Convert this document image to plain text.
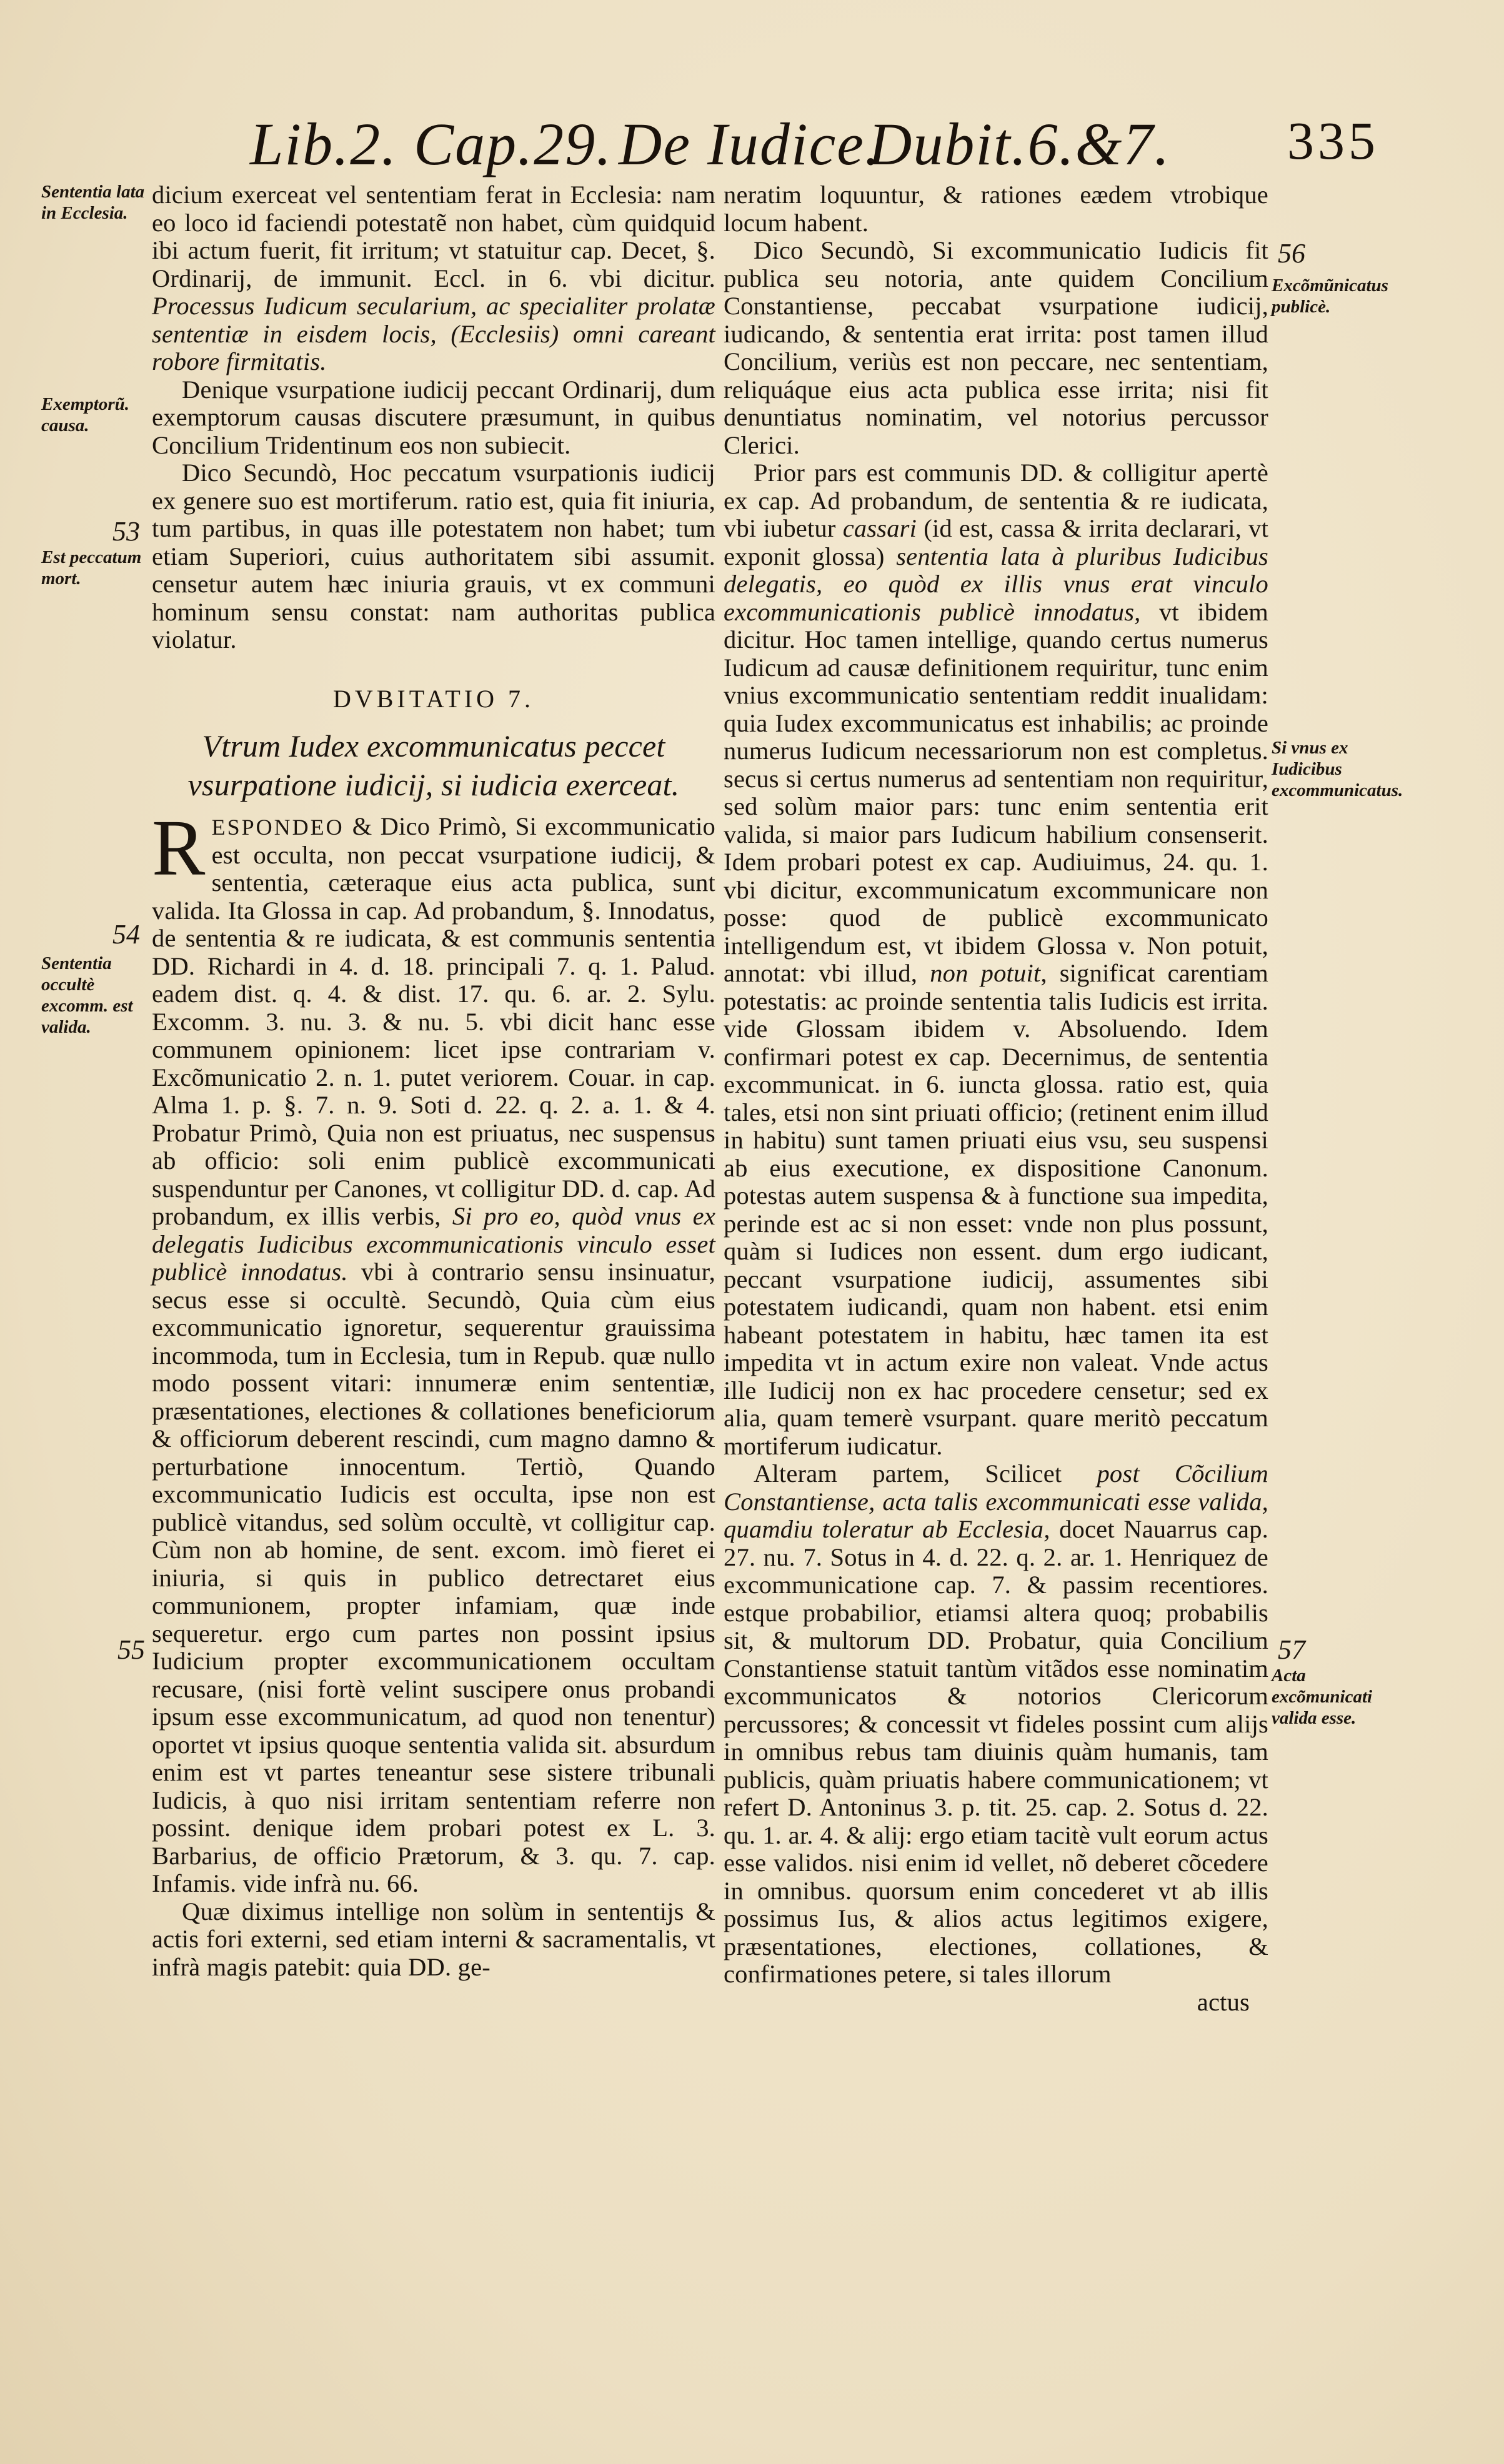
Lib.2. Cap.29. De Iudice.
Dubit.6.&7. 335
Sententia lata in Ecclesia.
Exemptorũ. causa.
53
Est peccatum mort.
54
Sententia occultè excomm. est valida.
55
56
Excõmũnicatus publicè.
Si vnus ex Iudicibus excommunicatus.
57
Acta excõmunicati valida esse.

dicium exerceat vel sententiam ferat in Ecclesia: nam eo loco id faciendi potestatẽ non habet, cùm quidquid ibi actum fuerit, fit irritum; vt statuitur cap. Decet, §. Ordinarij, de immunit. Eccl. in 6. vbi dicitur. Processus Iudicum secularium, ac specialiter prolatæ sententiæ in eisdem locis, (Ecclesiis) omni careant robore firmitatis.

Denique vsurpatione iudicij peccant Ordinarij, dum exemptorum causas discutere præsumunt, in quibus Concilium Tridentinum eos non subiecit.

Dico Secundò, Hoc peccatum vsurpationis iudicij ex genere suo est mortiferum. ratio est, quia fit iniuria, tum partibus, in quas ille potestatem non habet; tum etiam Superiori, cuius authoritatem sibi assumit. censetur autem hæc iniuria grauis, vt ex communi hominum sensu constat: nam authoritas publica violatur.

DVBITATIO 7.

Vtrum Iudex excommunicatus peccet vsurpatione iudicij, si iudicia exerceat.

RESPONDEO & Dico Primò, Si excommunicatio est occulta, non peccat vsurpatione iudicij, & sententia, cæteraque eius acta publica, sunt valida. Ita Glossa in cap. Ad probandum, §. Innodatus, de sententia & re iudicata, & est communis sententia DD. Richardi in 4. d. 18. principali 7. q. 1. Palud. eadem dist. q. 4. & dist. 17. qu. 6. ar. 2. Sylu. Excomm. 3. nu. 3. & nu. 5. vbi dicit hanc esse communem opinionem: licet ipse contrariam v. Excõmunicatio 2. n. 1. putet veriorem. Couar. in cap. Alma 1. p. §. 7. n. 9. Soti d. 22. q. 2. a. 1. & 4. Probatur Primò, Quia non est priuatus, nec suspensus ab officio: soli enim publicè excommunicati suspenduntur per Canones, vt colligitur DD. d. cap. Ad probandum, ex illis verbis, Si pro eo, quòd vnus ex delegatis Iudicibus excommunicationis vinculo esset publicè innodatus. vbi à contrario sensu insinuatur, secus esse si occultè. Secundò, Quia cùm eius excommunicatio ignoretur, sequerentur grauissima incommoda, tum in Ecclesia, tum in Repub. quæ nullo modo possent vitari: innumeræ enim sententiæ, præsentationes, electiones & collationes beneficiorum & officiorum deberent rescindi, cum magno damno & perturbatione innocentum. Tertiò, Quando excommunicatio Iudicis est occulta, ipse non est publicè vitandus, sed solùm occultè, vt colligitur cap. Cùm non ab homine, de sent. excom. imò fieret ei iniuria, si quis in publico detrectaret eius communionem, propter infamiam, quæ inde sequeretur. ergo cum partes non possint ipsius Iudicium propter excommunicationem occultam recusare, (nisi fortè velint suscipere onus probandi ipsum esse excommunicatum, ad quod non tenentur) oportet vt ipsius quoque sententia valida sit. absurdum enim est vt partes teneantur sese sistere tribunali Iudicis, à quo nisi irritam sententiam referre non possint. denique idem probari potest ex L. 3. Barbarius, de officio Prætorum, & 3. qu. 7. cap. Infamis. vide infrà nu. 66.

Quæ diximus intellige non solùm in sententijs & actis fori externi, sed etiam interni & sacramentalis, vt infrà magis patebit: quia DD. ge-

neratim loquuntur, & rationes eædem vtrobique locum habent.

Dico Secundò, Si excommunicatio Iudicis fit publica seu notoria, ante quidem Concilium Constantiense, peccabat vsurpatione iudicij, iudicando, & sententia erat irrita: post tamen illud Concilium, veriùs est non peccare, nec sententiam, reliquáque eius acta publica esse irrita; nisi fit denuntiatus nominatim, vel notorius percussor Clerici.

Prior pars est communis DD. & colligitur apertè ex cap. Ad probandum, de sententia & re iudicata, vbi iubetur cassari (id est, cassa & irrita declarari, vt exponit glossa) sententia lata à pluribus Iudicibus delegatis, eo quòd ex illis vnus erat vinculo excommunicationis publicè innodatus, vt ibidem dicitur. Hoc tamen intellige, quando certus numerus Iudicum ad causæ definitionem requiritur, tunc enim vnius excommunicatio sententiam reddit inualidam: quia Iudex excommunicatus est inhabilis; ac proinde numerus Iudicum necessariorum non est completus. secus si certus numerus ad sententiam non requiritur, sed solùm maior pars: tunc enim sententia erit valida, si maior pars Iudicum habilium consenserit. Idem probari potest ex cap. Audiuimus, 24. qu. 1. vbi dicitur, excommunicatum excommunicare non posse: quod de publicè excommunicato intelligendum est, vt ibidem Glossa v. Non potuit, annotat: vbi illud, non potuit, significat carentiam potestatis: ac proinde sententia talis Iudicis est irrita. vide Glossam ibidem v. Absoluendo. Idem confirmari potest ex cap. Decernimus, de sententia excommunicat. in 6. iuncta glossa. ratio est, quia tales, etsi non sint priuati officio; (retinent enim illud in habitu) sunt tamen priuati eius vsu, seu suspensi ab eius executione, ex dispositione Canonum. potestas autem suspensa & à functione sua impedita, perinde est ac si non esset: vnde non plus possunt, quàm si Iudices non essent. dum ergo iudicant, peccant vsurpatione iudicij, assumentes sibi potestatem iudicandi, quam non habent. etsi enim habeant potestatem in habitu, hæc tamen ita est impedita vt in actum exire non valeat. Vnde actus ille Iudicij non ex hac procedere censetur; sed ex alia, quam temerè vsurpant. quare meritò peccatum mortiferum iudicatur.

Alteram partem, Scilicet post Cõcilium Constantiense, acta talis excommunicati esse valida, quamdiu toleratur ab Ecclesia, docet Nauarrus cap. 27. nu. 7. Sotus in 4. d. 22. q. 2. ar. 1. Henriquez de excommunicatione cap. 7. & passim recentiores. estque probabilior, etiamsi altera quoq; probabilis sit, & multorum DD. Probatur, quia Concilium Constantiense statuit tantùm vitãdos esse nominatim excommunicatos & notorios Clericorum percussores; & concessit vt fideles possint cum alijs in omnibus rebus tam diuinis quàm humanis, tam publicis, quàm priuatis habere communicationem; vt refert D. Antoninus 3. p. tit. 25. cap. 2. Sotus d. 22. qu. 1. ar. 4. & alij: ergo etiam tacitè vult eorum actus esse validos. nisi enim id vellet, nõ deberet cõcedere in omnibus. quorsum enim concederet vt ab illis possimus Ius, & alios actus legitimos exigere, præsentationes, electiones, collationes, & confirmationes petere, si tales illorum

actus
